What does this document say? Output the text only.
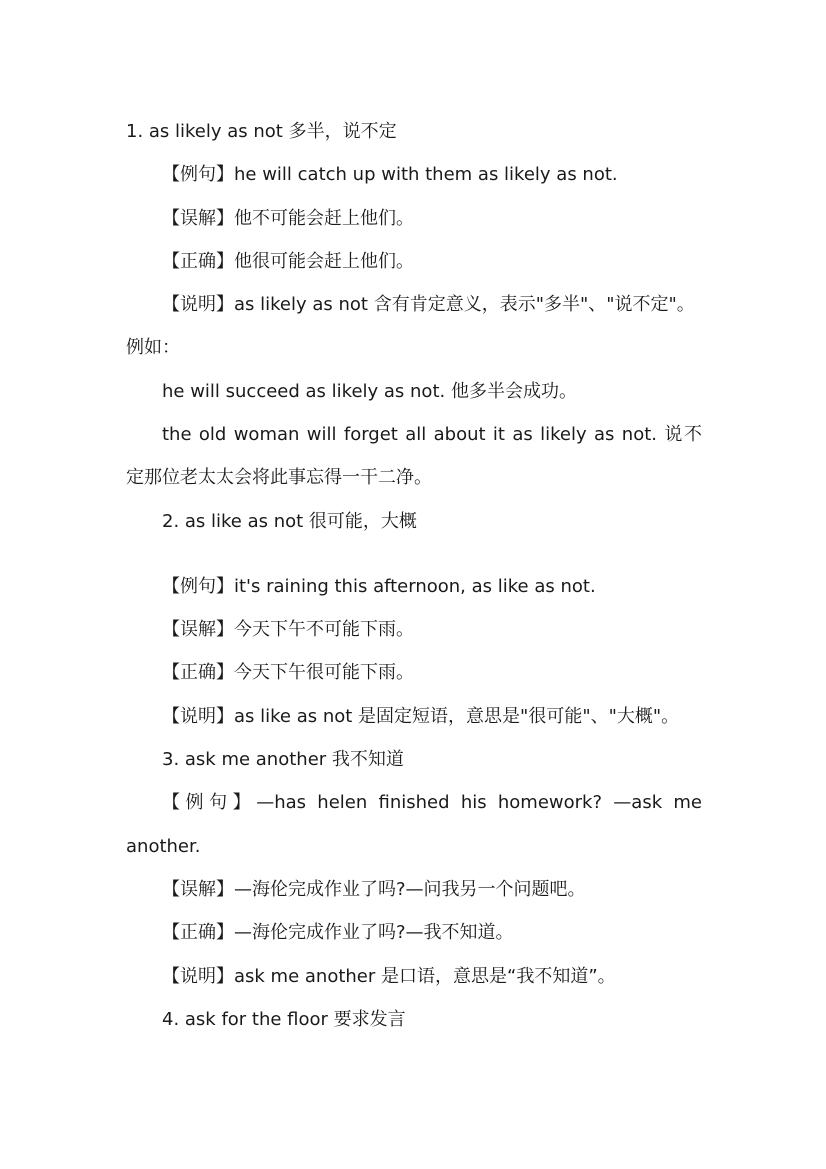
1. as likely as not 多半，说不定
【例句】he will catch up with them as likely as not.
【误解】他不可能会赶上他们。
【正确】他很可能会赶上他们。
【说明】as likely as not 含有肯定意义，表示"多半"、"说不定"。
例如：
he will succeed as likely as not. 他多半会成功。
the old woman will forget all about it as likely as not. 说不
定那位老太太会将此事忘得一干二净。
2. as like as not 很可能，大概
【例句】it's raining this afternoon, as like as not.
【误解】今天下午不可能下雨。
【正确】今天下午很可能下雨。
【说明】as like as not 是固定短语，意思是"很可能"、"大概"。
3. ask me another 我不知道
【例句】—has helen finished his homework? —ask me
another.
【误解】—海伦完成作业了吗?—问我另一个问题吧。
【正确】—海伦完成作业了吗?—我不知道。
【说明】ask me another 是口语，意思是“我不知道”。
4. ask for the floor 要求发言
